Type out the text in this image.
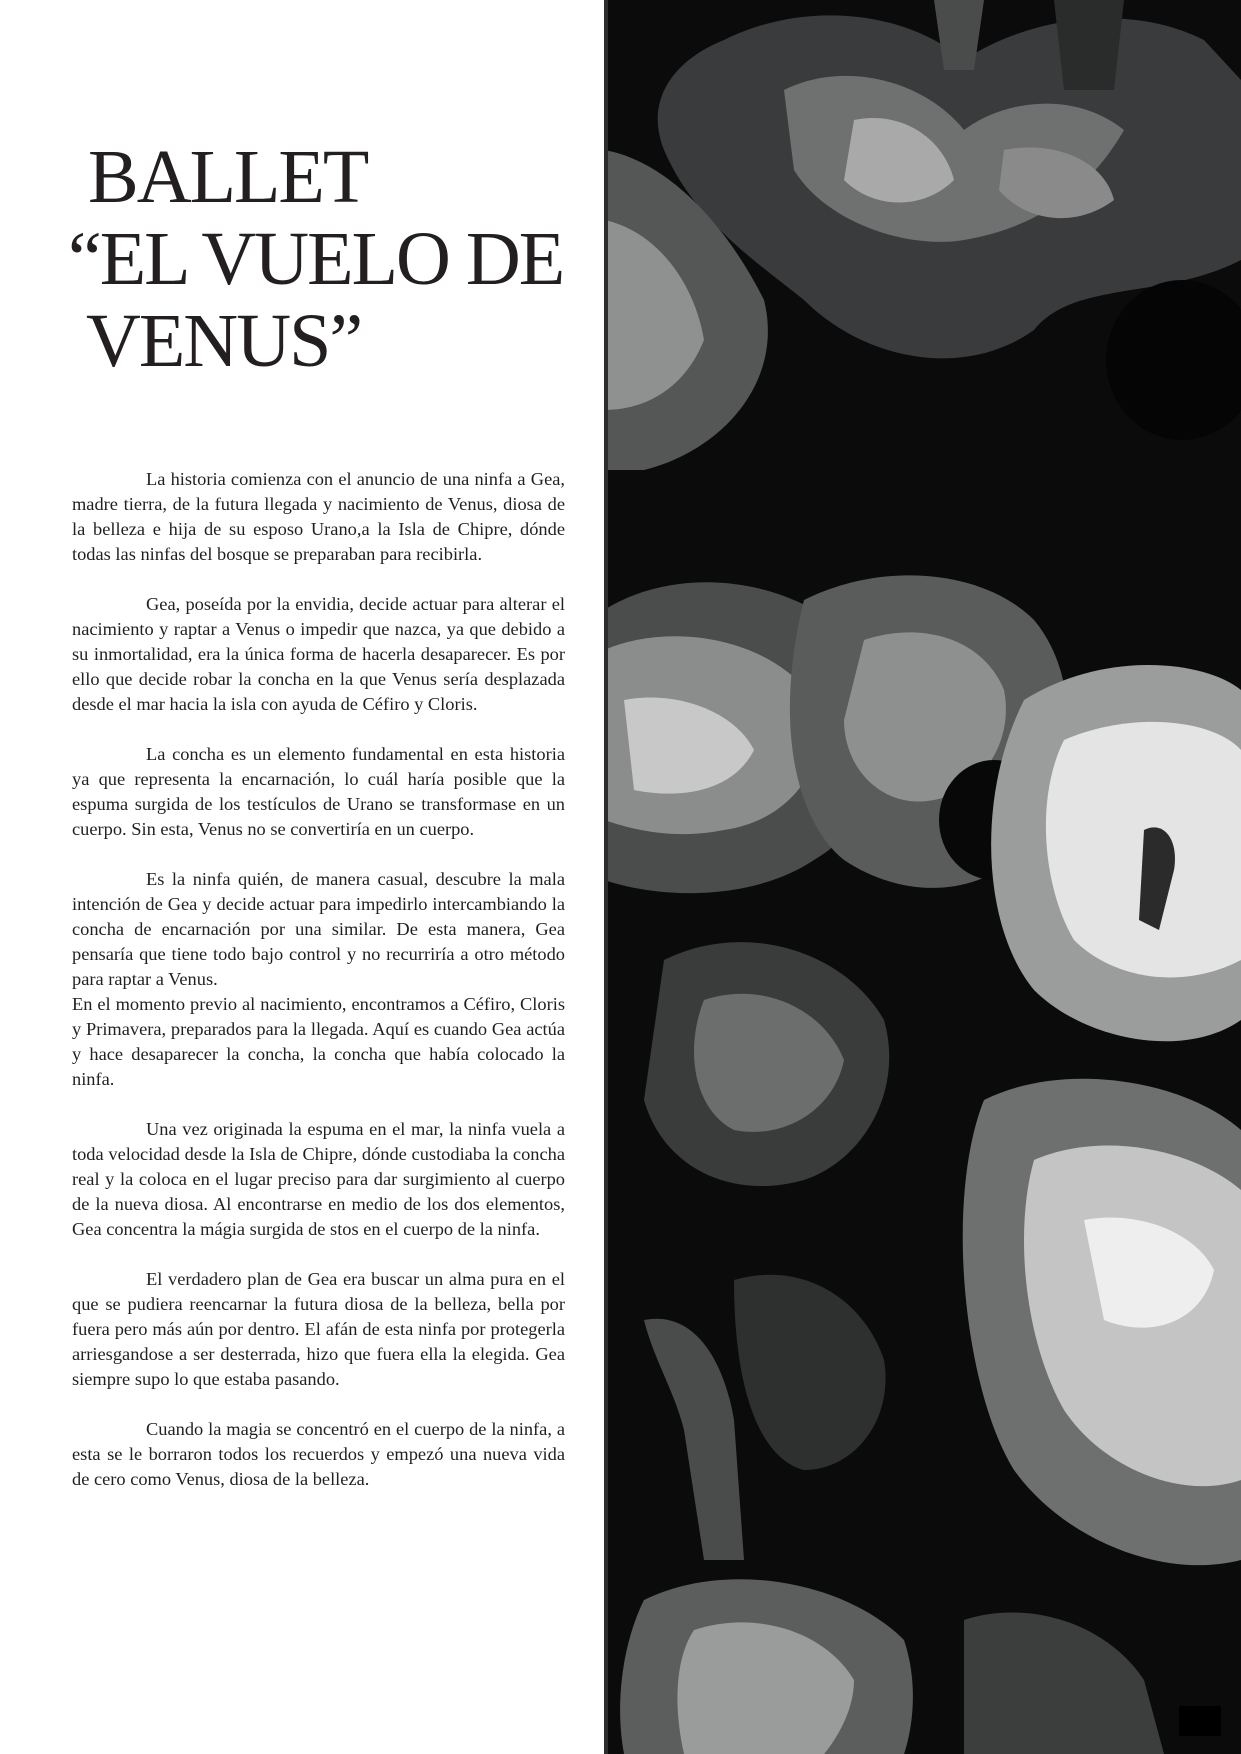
BALLET
“EL VUELO DE
VENUS”

La historia comienza con el anuncio de una ninfa a Gea, madre tierra, de la futura llegada y nacimiento de Venus, diosa de la belleza e hija de su esposo Urano,a la Isla de Chipre, dónde todas las ninfas del bosque se preparaban para recibirla.

Gea, poseída por la envidia, decide actuar para alterar el nacimiento y raptar a Venus o impedir que nazca, ya que debido a su inmortalidad, era la única forma de hacerla desaparecer. Es por ello que decide robar la concha en la que Venus sería desplazada desde el mar hacia la isla con ayuda de Céfiro y Cloris.

La concha es un elemento fundamental en esta historia ya que representa la encarnación, lo cuál haría posible que la espuma surgida de los testículos de Urano se transformase en un cuerpo. Sin esta, Venus no se convertiría en un cuerpo.

Es la ninfa quién, de manera casual, descubre la mala intención de Gea y decide actuar para impedirlo intercambiando la concha de encarnación por una similar. De esta manera, Gea pensaría que tiene todo bajo control y no recurriría a otro método para raptar a Venus.

En el momento previo al nacimiento, encontramos a Céfiro, Cloris y Primavera, preparados para la llegada. Aquí es cuando Gea actúa y hace desaparecer la concha, la concha que había colocado la ninfa.

Una vez originada la espuma en el mar, la ninfa vuela a toda velocidad desde la Isla de Chipre, dónde custodiaba la concha real y la coloca en el lugar preciso para dar surgimiento al cuerpo de la nueva diosa. Al encontrarse en medio de los dos elementos, Gea concentra la mágia surgida de stos en el cuerpo de la ninfa.

El verdadero plan de Gea era buscar un alma pura en el que se pudiera reencarnar la futura diosa de la belleza, bella por fuera pero más aún por dentro. El afán de esta ninfa por protegerla arriesgandose a ser desterrada, hizo que fuera ella la elegida. Gea siempre supo lo que estaba pasando.

Cuando la magia se concentró en el cuerpo de la ninfa, a esta se le borraron todos los recuerdos y empezó una nueva vida de cero como Venus, diosa de la belleza.
